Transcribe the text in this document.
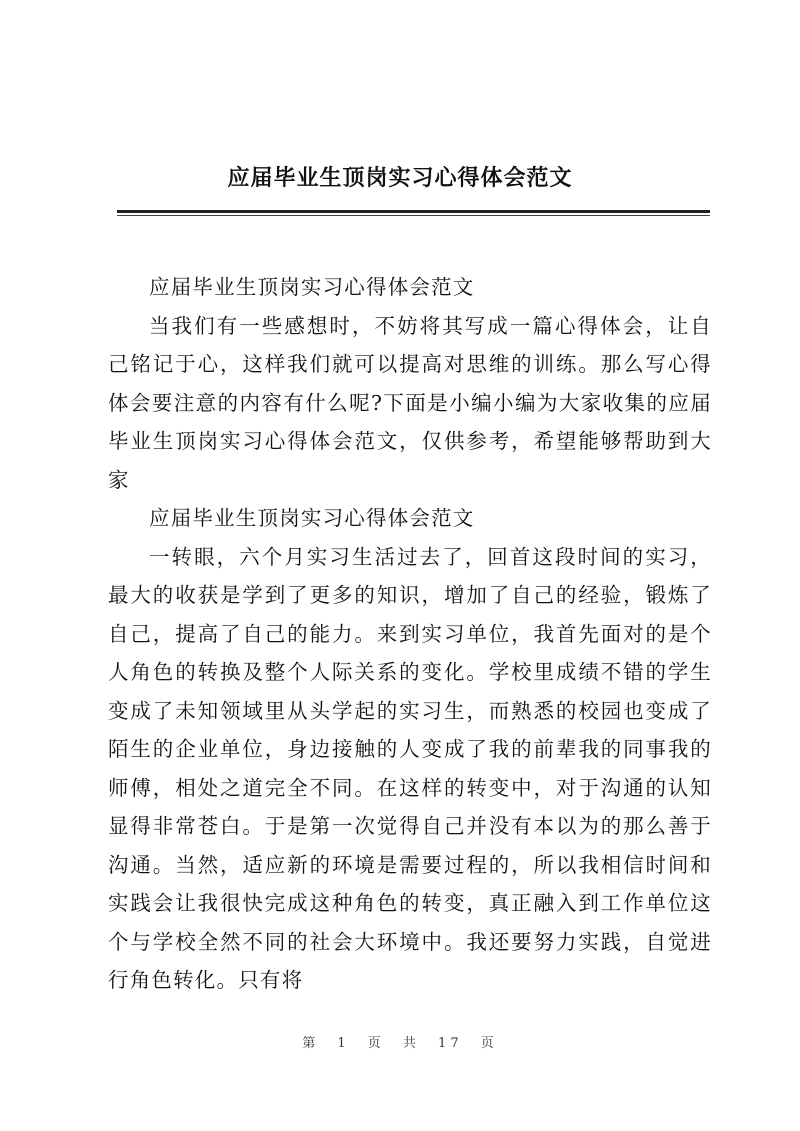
应届毕业生顶岗实习心得体会范文

应届毕业生顶岗实习心得体会范文

当我们有一些感想时，不妨将其写成一篇心得体会，让自己铭记于心，这样我们就可以提高对思维的训练。那么写心得体会要注意的内容有什么呢?下面是小编小编为大家收集的应届毕业生顶岗实习心得体会范文，仅供参考，希望能够帮助到大家

应届毕业生顶岗实习心得体会范文

一转眼，六个月实习生活过去了，回首这段时间的实习，最大的收获是学到了更多的知识，增加了自己的经验，锻炼了自己，提高了自己的能力。来到实习单位，我首先面对的是个人角色的转换及整个人际关系的变化。学校里成绩不错的学生变成了未知领域里从头学起的实习生，而熟悉的校园也变成了陌生的企业单位，身边接触的人变成了我的前辈我的同事我的师傅，相处之道完全不同。在这样的转变中，对于沟通的认知显得非常苍白。于是第一次觉得自己并没有本以为的那么善于沟通。当然，适应新的环境是需要过程的，所以我相信时间和实践会让我很快完成这种角色的转变，真正融入到工作单位这个与学校全然不同的社会大环境中。我还要努力实践，自觉进行角色转化。只有将

第 1 页 共 17 页
